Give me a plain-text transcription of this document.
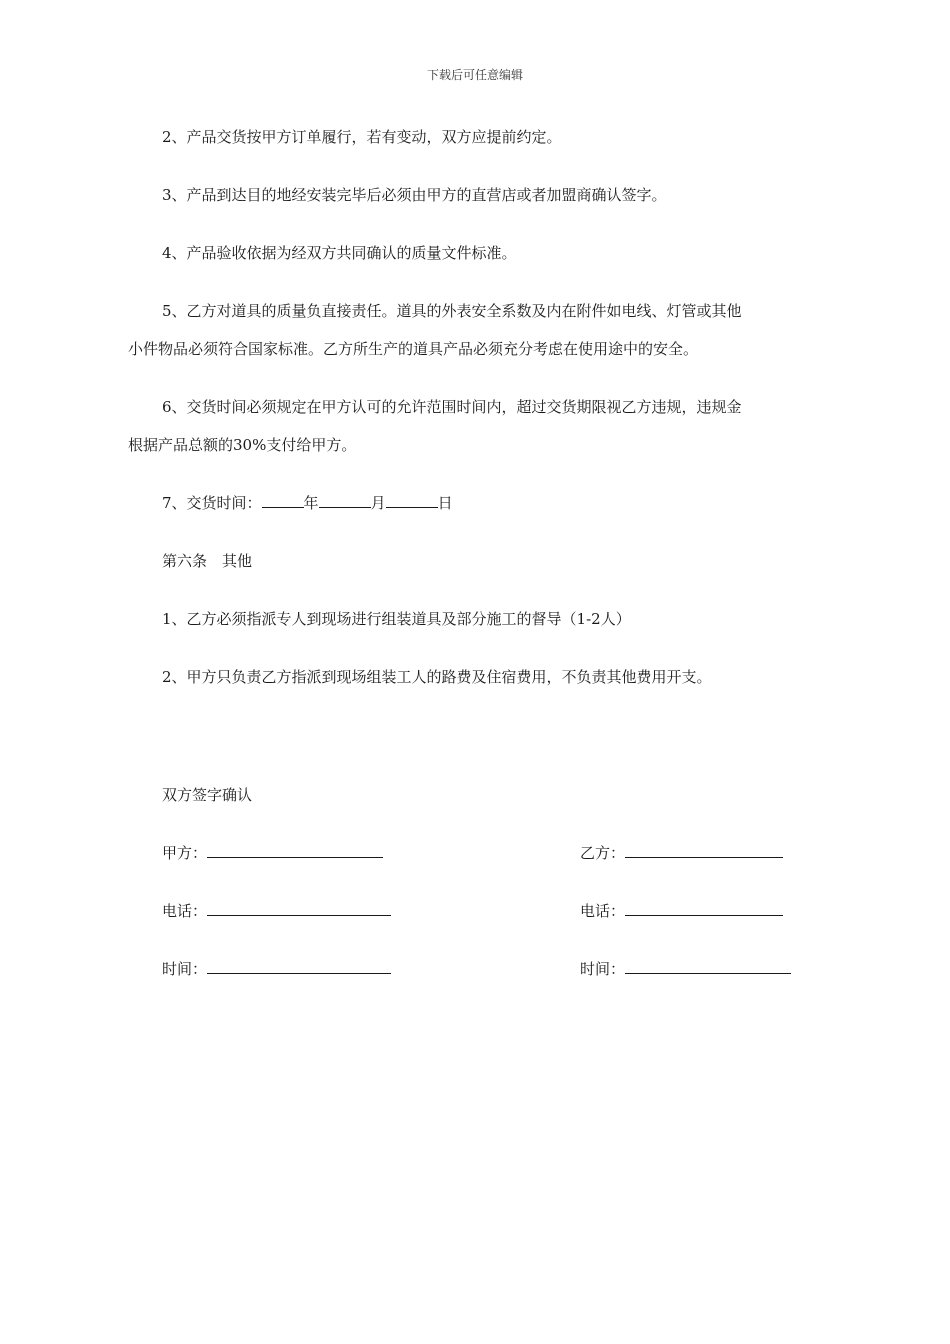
下载后可任意编辑
2、产品交货按甲方订单履行，若有变动，双方应提前约定。
3、产品到达目的地经安装完毕后必须由甲方的直营店或者加盟商确认签字。
4、产品验收依据为经双方共同确认的质量文件标准。
5、乙方对道具的质量负直接责任。道具的外表安全系数及内在附件如电线、灯管或其他
小件物品必须符合国家标准。乙方所生产的道具产品必须充分考虑在使用途中的安全。
6、交货时间必须规定在甲方认可的允许范围时间内，超过交货期限视乙方违规，违规金
根据产品总额的30%支付给甲方。
7、交货时间：	年	月	日
第六条　其他
1、乙方必须指派专人到现场进行组装道具及部分施工的督导（1-2人）
2、甲方只负责乙方指派到现场组装工人的路费及住宿费用，不负责其他费用开支。
双方签字确认
甲方：	乙方：
电话：	电话：
时间：	时间：
